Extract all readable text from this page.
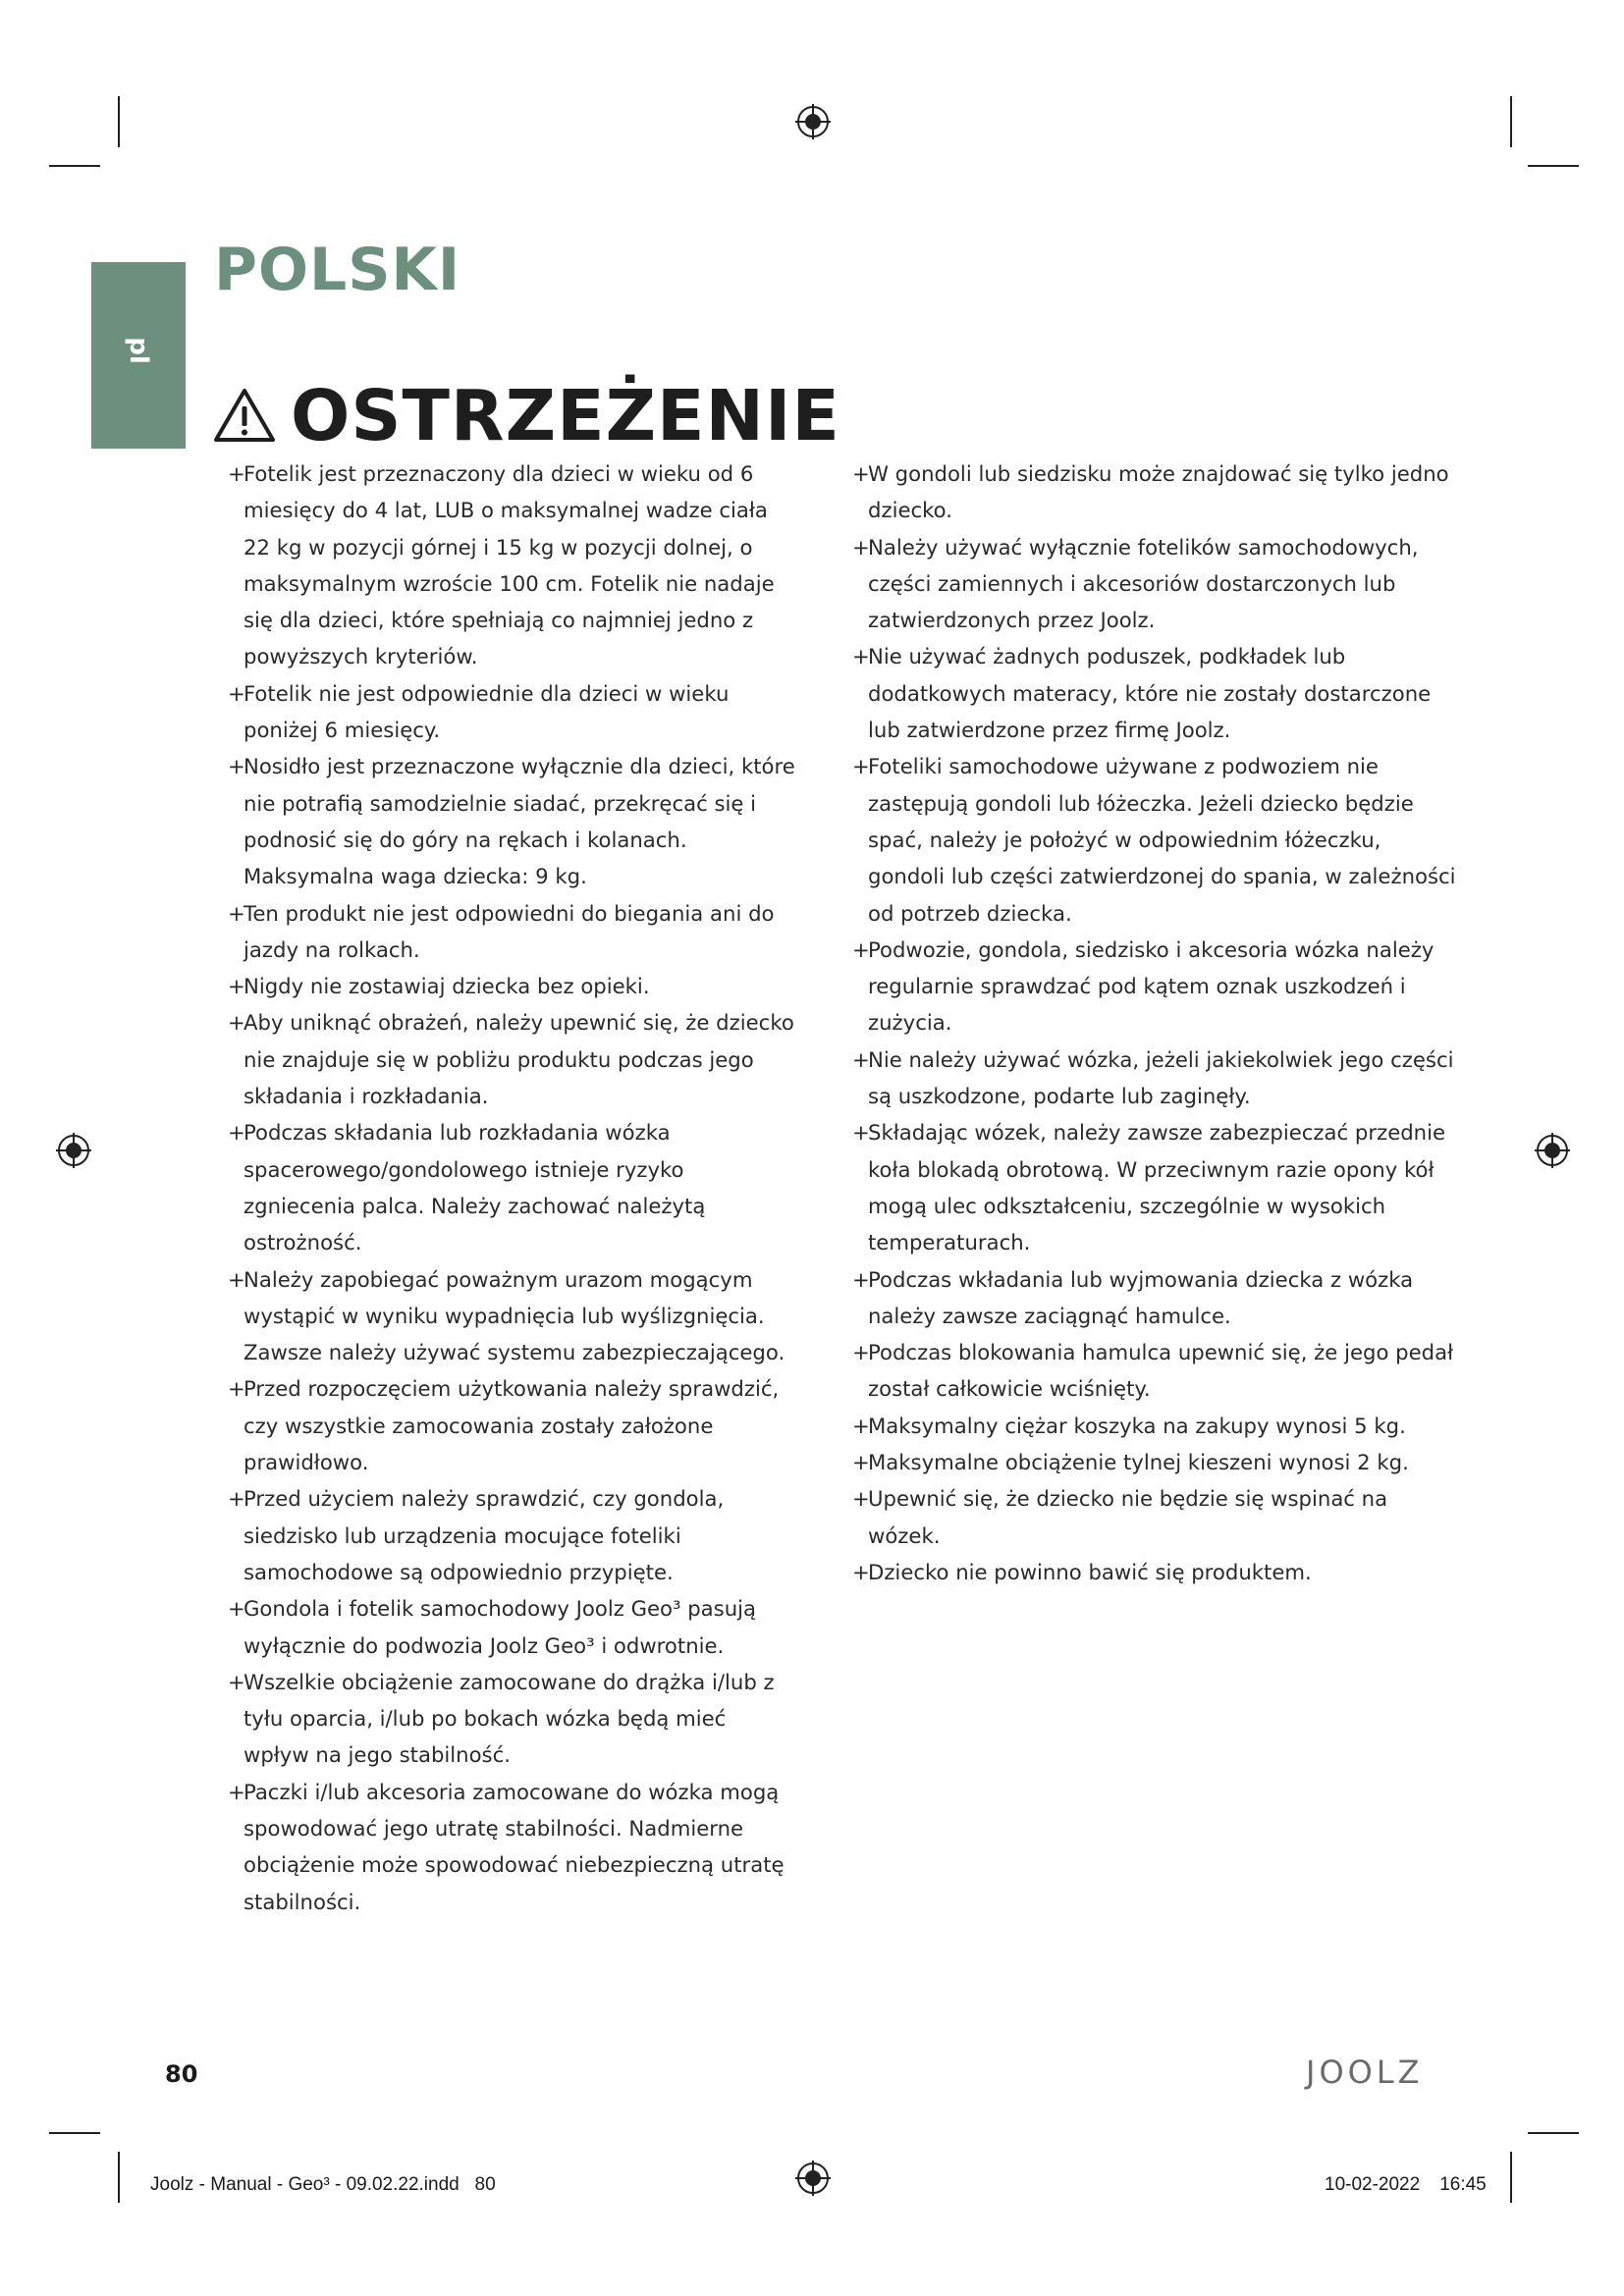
pl
POLSKI
OSTRZEŻENIE
+
Fotelik jest przeznaczony dla dzieci w wieku od 6 miesięcy do 4 lat, LUB o maksymalnej wadze ciała 22 kg w pozycji górnej i 15 kg w pozycji dolnej, o maksymalnym wzroście 100 cm. Fotelik nie nadaje się dla dzieci, które spełniają co najmniej jedno z powyższych kryteriów.
+
Fotelik nie jest odpowiednie dla dzieci w wieku poniżej 6 miesięcy.
+
Nosidło jest przeznaczone wyłącznie dla dzieci, które nie potrafią samodzielnie siadać, przekręcać się i podnosić się do góry na rękach i kolanach. Maksymalna waga dziecka: 9 kg.
+
Ten produkt nie jest odpowiedni do biegania ani do jazdy na rolkach.
+
Nigdy nie zostawiaj dziecka bez opieki.
+
Aby uniknąć obrażeń, należy upewnić się, że dziecko nie znajduje się w pobliżu produktu podczas jego składania i rozkładania.
+
Podczas składania lub rozkładania wózka spacerowego/gondolowego istnieje ryzyko zgniecenia palca. Należy zachować należytą ostrożność.
+
Należy zapobiegać poważnym urazom mogącym wystąpić w wyniku wypadnięcia lub wyślizgnięcia. Zawsze należy używać systemu zabezpieczającego.
+
Przed rozpoczęciem użytkowania należy sprawdzić, czy wszystkie zamocowania zostały założone prawidłowo.
+
Przed użyciem należy sprawdzić, czy gondola, siedzisko lub urządzenia mocujące foteliki samochodowe są odpowiednio przypięte.
+
Gondola i fotelik samochodowy Joolz Geo³ pasują wyłącznie do podwozia Joolz Geo³ i odwrotnie.
+
Wszelkie obciążenie zamocowane do drążka i/lub z tyłu oparcia, i/lub po bokach wózka będą mieć wpływ na jego stabilność.
+
Paczki i/lub akcesoria zamocowane do wózka mogą spowodować jego utratę stabilności. Nadmierne obciążenie może spowodować niebezpieczną utratę stabilności.
+
W gondoli lub siedzisku może znajdować się tylko jedno dziecko.
+
Należy używać wyłącznie fotelików samochodowych, części zamiennych i akcesoriów dostarczonych lub zatwierdzonych przez Joolz.
+
Nie używać żadnych poduszek, podkładek lub dodatkowych materacy, które nie zostały dostarczone lub zatwierdzone przez firmę Joolz.
+
Foteliki samochodowe używane z podwoziem nie zastępują gondoli lub łóżeczka. Jeżeli dziecko będzie spać, należy je położyć w odpowiednim łóżeczku, gondoli lub części zatwierdzonej do spania, w zależności od potrzeb dziecka.
+
Podwozie, gondola, siedzisko i akcesoria wózka należy regularnie sprawdzać pod kątem oznak uszkodzeń i zużycia.
+
Nie należy używać wózka, jeżeli jakiekolwiek jego części są uszkodzone, podarte lub zaginęły.
+
Składając wózek, należy zawsze zabezpieczać przednie koła blokadą obrotową. W przeciwnym razie opony kół mogą ulec odkształceniu, szczególnie w wysokich temperaturach.
+
Podczas wkładania lub wyjmowania dziecka z wózka należy zawsze zaciągnąć hamulce.
+
Podczas blokowania hamulca upewnić się, że jego pedał został całkowicie wciśnięty.
+
Maksymalny ciężar koszyka na zakupy wynosi 5 kg.
+
Maksymalne obciążenie tylnej kieszeni wynosi 2 kg.
+
Upewnić się, że dziecko nie będzie się wspinać na wózek.
+
Dziecko nie powinno bawić się produktem.
80	JOOLZ
Joolz - Manual - Geo³ - 09.02.22.indd   80	10-02-2022 16:45
